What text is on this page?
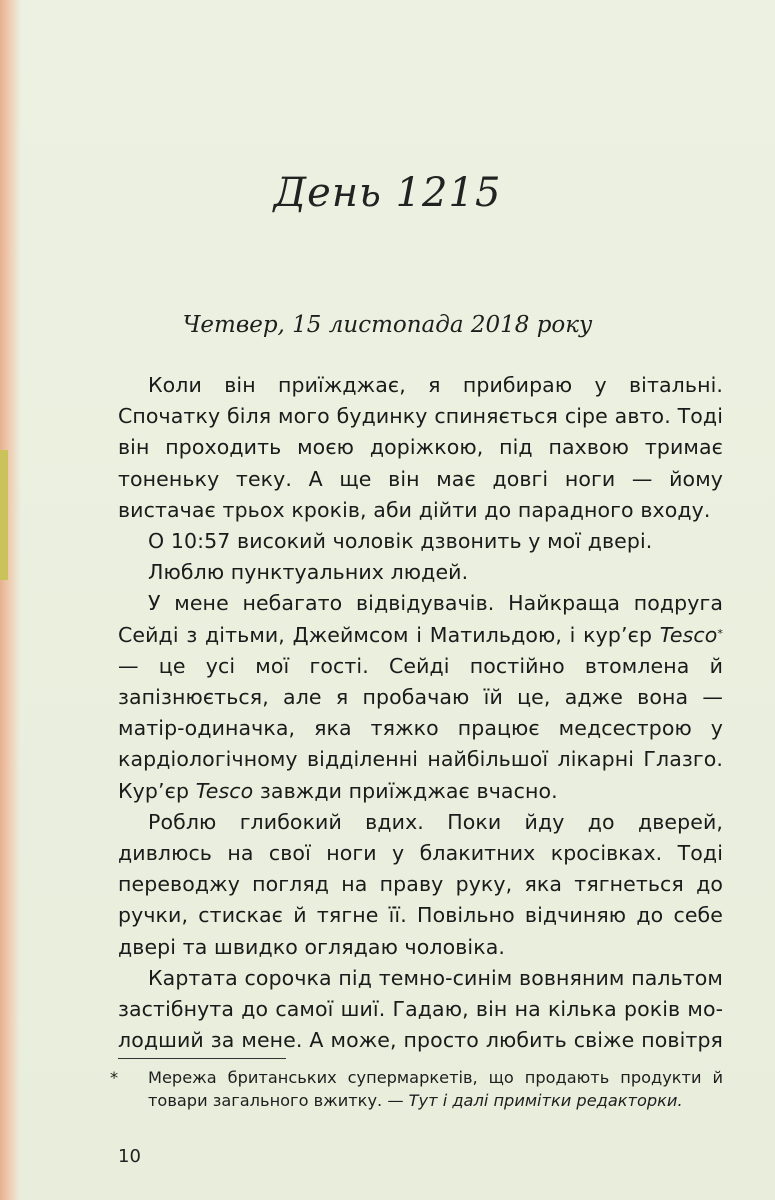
День 1215
Четвер, 15 листопада 2018 року

Коли він приїжджає, я прибираю у вітальні. Спочатку біля мого будинку спиняється сіре авто. Тоді він проходить моєю доріжкою, під пахвою тримає тоненьку теку. А ще він має довгі ноги — йому вистачає трьох кроків, аби дійти до парадного входу.

О 10:57 високий чоловік дзвонить у мої двері.

Люблю пунктуальних людей.

У мене небагато відвідувачів. Найкраща подруга Сейді з дітьми, Джеймсом і Матильдою, і кур’єр Tesco* — це усі мої гості. Сейді постійно втомлена й запізнюється, але я пробачаю їй це, адже вона — матір-одиначка, яка тяжко працює медсестрою у кардіологічному відділенні найбільшої лікарні Глазго. Кур’єр Tesco завжди приїжджає вчасно.

Роблю глибокий вдих. Поки йду до дверей, дивлюсь на свої ноги у блакитних кросівках. Тоді переводжу погляд на праву руку, яка тягнеться до ручки, стискає й тягне її. Повільно відчиняю до себе двері та швидко оглядаю чоловіка.

Картата сорочка під темно-синім вовняним пальтом застібнута до самої шиї. Гадаю, він на кілька років молодший за мене. А може, просто любить свіже повітря

* Мережа британських супермаркетів, що продають продукти й товари загального вжитку. — Тут і далі примітки редакторки.
10
